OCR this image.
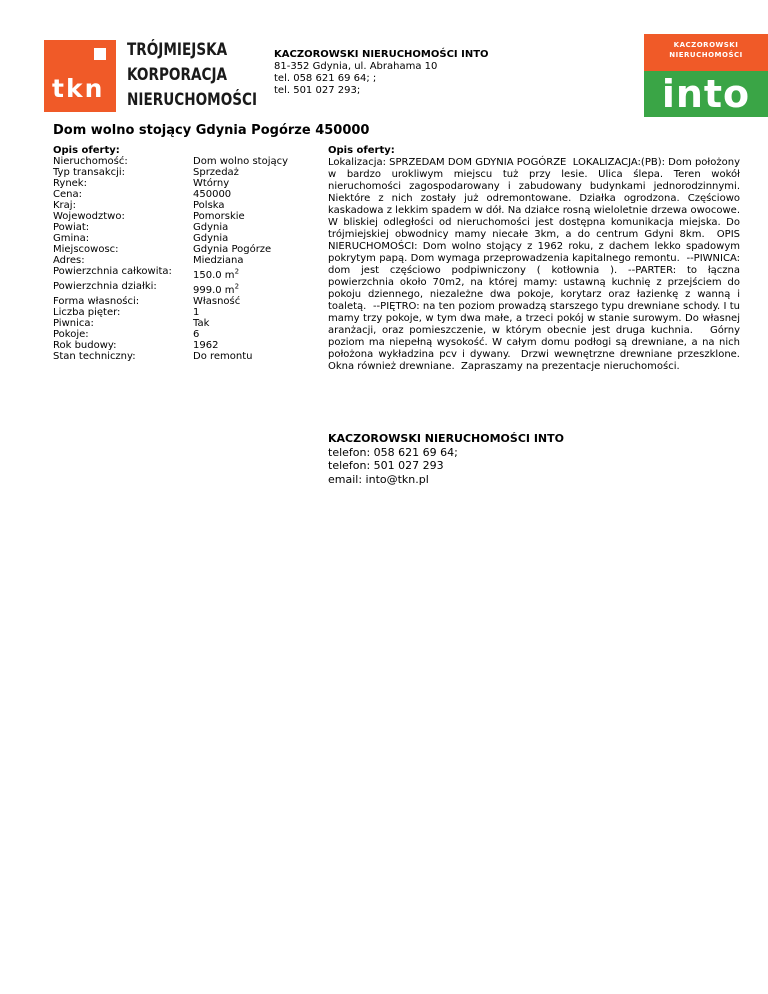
tkn
TRÓJMIEJSKA
KORPORACJA
NIERUCHOMOŚCI
KACZOROWSKI NIERUCHOMOŚCI INTO
81-352 Gdynia, ul. Abrahama 10
tel. 058 621 69 64; ;
tel. 501 027 293;
KACZOROWSKI
NIERUCHOMOŚCI
into
Dom wolno stojący Gdynia Pogórze 450000
Opis oferty:	Opis oferty:
Nieruchomość:	Dom wolno stojący
Typ transakcji:	Sprzedaż
Rynek:	Wtórny
Cena:	450000
Kraj:	Polska
Wojewodztwo:	Pomorskie
Powiat:	Gdynia
Gmina:	Gdynia
Miejscowosc:	Gdynia Pogórze
Adres:	Miedziana
Powierzchnia całkowita: 150.0 $m^2$
Powierzchnia działki:	999.0 $m^2$
Forma własności:	Własność
Liczba pięter:	1
Piwnica:	Tak
Pokoje:	6
Rok budowy:	1962
Stan techniczny:	Do remontu
Lokalizacja: SPRZEDAM DOM GDYNIA POGÓRZE  LOKALIZACJA:(PB): Dom położony w bardzo urokliwym miejscu tuż przy lesie. Ulica ślepa. Teren wokół nieruchomości zagospodarowany i zabudowany budynkami jednorodzinnymi. Niektóre z nich zostały już odremontowane. Działka ogrodzona. Częściowo kaskadowa z lekkim spadem w dół. Na działce rosną wieloletnie drzewa owocowe. W bliskiej odległości od nieruchomości jest dostępna komunikacja miejska. Do trójmiejskiej obwodnicy mamy niecałe 3km, a do centrum Gdyni 8km.  OPIS NIERUCHOMOŚCI: Dom wolno stojący z 1962 roku, z dachem lekko spadowym pokrytym papą. Dom wymaga przeprowadzenia kapitalnego remontu.  --PIWNICA: dom jest częściowo podpiwniczony ( kotłownia ). --PARTER: to łączna powierzchnia około 70m2, na której mamy: ustawną kuchnię z przejściem do pokoju dziennego, niezależne dwa pokoje, korytarz oraz łazienkę z wanną i toaletą.  --PIĘTRO: na ten poziom prowadzą starszego typu drewniane schody. I tu mamy trzy pokoje, w tym dwa małe, a trzeci pokój w stanie surowym. Do własnej aranżacji, oraz pomieszczenie, w którym obecnie jest druga kuchnia.   Górny poziom ma niepełną wysokość. W całym domu podłogi są drewniane, a na nich położona wykładzina pcv i dywany.  Drzwi wewnętrzne drewniane przeszklone. Okna również drewniane.  Zapraszamy na prezentacje nieruchomości.
KACZOROWSKI NIERUCHOMOŚCI INTO
telefon: 058 621 69 64;
telefon: 501 027 293
email: into@tkn.pl
